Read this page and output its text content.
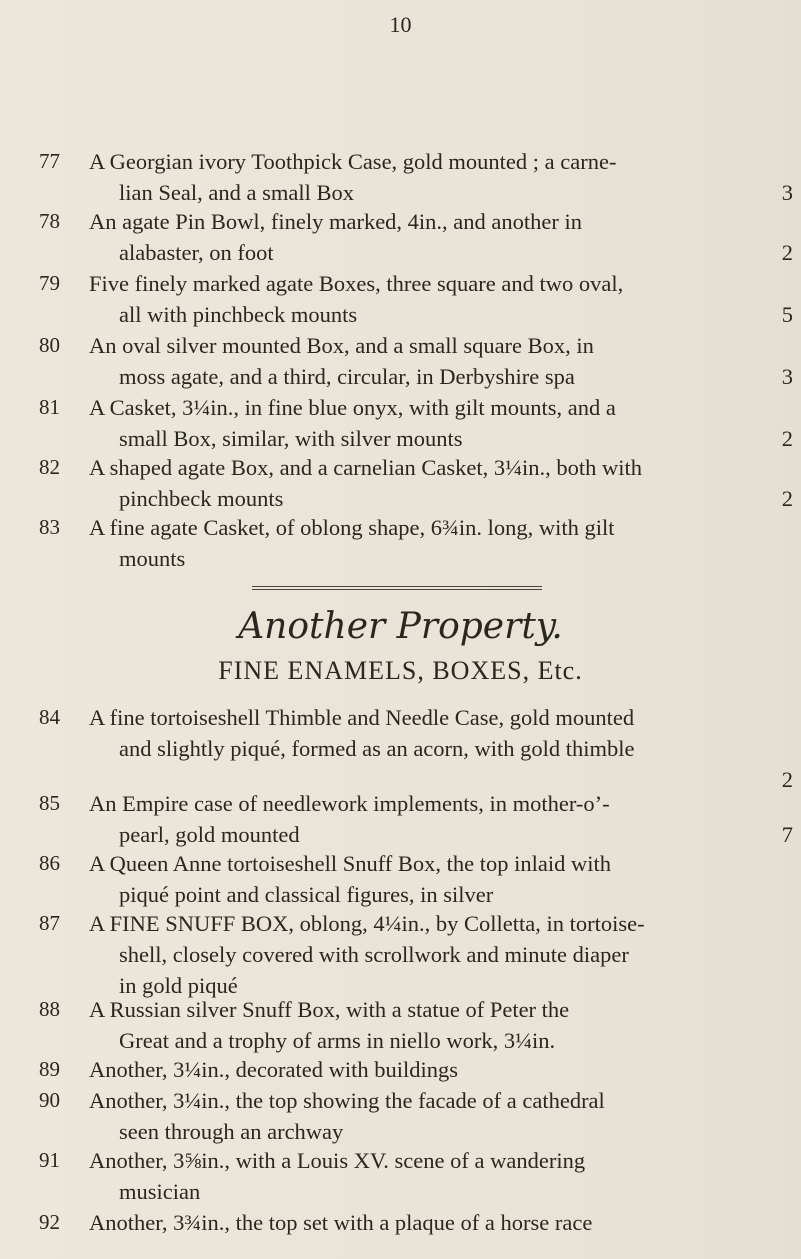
10
77 A Georgian ivory Toothpick Case, gold mounted ; a carne-
lian Seal, and a small Box	3
78 An agate Pin Bowl, finely marked, 4in., and another in
alabaster, on foot	2
79 Five finely marked agate Boxes, three square and two oval,
all with pinchbeck mounts	5
80 An oval silver mounted Box, and a small square Box, in
moss agate, and a third, circular, in Derbyshire spa	3
81 A Casket, 3¼in., in fine blue onyx, with gilt mounts, and a
small Box, similar, with silver mounts	2
82 A shaped agate Box, and a carnelian Casket, 3¼in., both with
pinchbeck mounts	2
83 A fine agate Casket, of oblong shape, 6¾in. long, with gilt
mounts
Another Property.
FINE ENAMELS, BOXES, Etc.
84 A fine tortoiseshell Thimble and Needle Case, gold mounted
and slightly piqué, formed as an acorn, with gold thimble
2
85 An Empire case of needlework implements, in mother-o’-
pearl, gold mounted	7
86 A Queen Anne tortoiseshell Snuff Box, the top inlaid with
piqué point and classical figures, in silver
87 A FINE SNUFF BOX, oblong, 4¼in., by Colletta, in tortoise-
shell, closely covered with scrollwork and minute diaper
in gold piqué
88 A Russian silver Snuff Box, with a statue of Peter the
Great and a trophy of arms in niello work, 3¼in.
89 Another, 3¼in., decorated with buildings
90 Another, 3¼in., the top showing the facade of a cathedral
seen through an archway
91 Another, 3⅝in., with a Louis XV. scene of a wandering
musician
92 Another, 3¾in., the top set with a plaque of a horse race
